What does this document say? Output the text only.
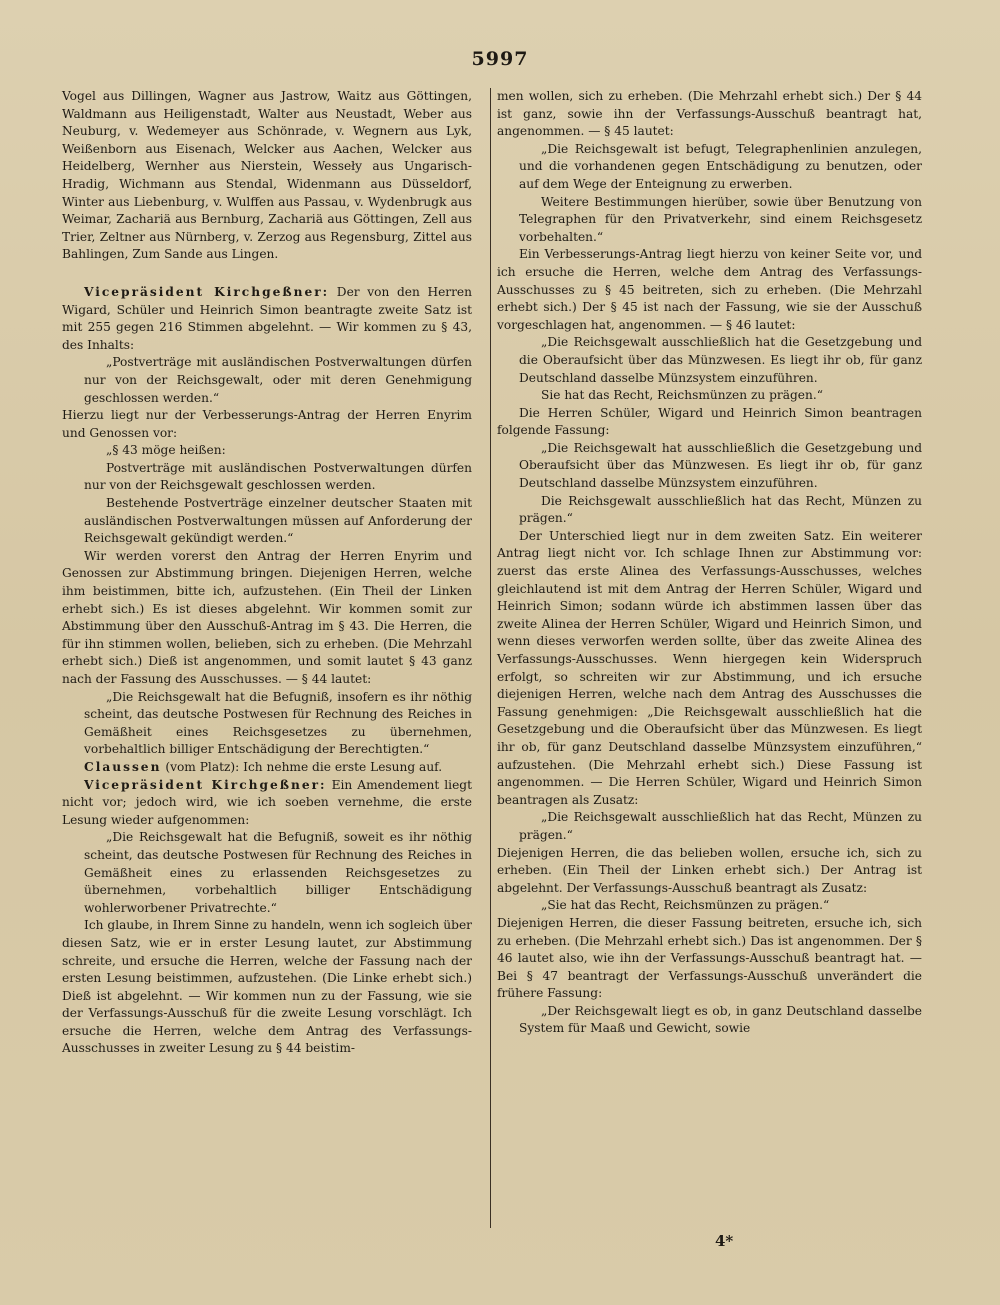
5997

Vogel aus Dillingen, Wagner aus Jastrow, Waitz aus Göttingen, Waldmann aus Heiligenstadt, Walter aus Neustadt, Weber aus Neuburg, v. Wedemeyer aus Schönrade, v. Wegnern aus Lyk, Weißenborn aus Eisenach, Welcker aus Aachen, Welcker aus Heidelberg, Wernher aus Nierstein, Wesseły aus Ungarisch-Hradig, Wichmann aus Stendal, Widenmann aus Düsseldorf, Winter aus Liebenburg, v. Wulffen aus Passau, v. Wydenbrugk aus Weimar, Zachariä aus Bernburg, Zachariä aus Göttingen, Zell aus Trier, Zeltner aus Nürnberg, v. Zerzog aus Regensburg, Zittel aus Bahlingen, Zum Sande aus Lingen.

Vicepräsident Kirchgeßner: Der von den Herren Wigard, Schüler und Heinrich Simon beantragte zweite Satz ist mit 255 gegen 216 Stimmen abgelehnt. — Wir kommen zu § 43, des Inhalts:

„Postverträge mit ausländischen Postverwaltungen dürfen nur von der Reichsgewalt, oder mit deren Genehmigung geschlossen werden.“

Hierzu liegt nur der Verbesserungs-Antrag der Herren Enyrim und Genossen vor:

„§ 43 möge heißen:

Postverträge mit ausländischen Postverwaltungen dürfen nur von der Reichsgewalt geschlossen werden.

Bestehende Postverträge einzelner deutscher Staaten mit ausländischen Postverwaltungen müssen auf Anforderung der Reichsgewalt gekündigt werden.“

Wir werden vorerst den Antrag der Herren Enyrim und Genossen zur Abstimmung bringen. Diejenigen Herren, welche ihm beistimmen, bitte ich, aufzustehen. (Ein Theil der Linken erhebt sich.) Es ist dieses abgelehnt. Wir kommen somit zur Abstimmung über den Ausschuß-Antrag im § 43. Die Herren, die für ihn stimmen wollen, belieben, sich zu erheben. (Die Mehrzahl erhebt sich.) Dieß ist angenommen, und somit lautet § 43 ganz nach der Fassung des Ausschusses. — § 44 lautet:

„Die Reichsgewalt hat die Befugniß, insofern es ihr nöthig scheint, das deutsche Postwesen für Rechnung des Reiches in Gemäßheit eines Reichsgesetzes zu übernehmen, vorbehaltlich billiger Entschädigung der Berechtigten.“

Claussen (vom Platz): Ich nehme die erste Lesung auf.

Vicepräsident Kirchgeßner: Ein Amendement liegt nicht vor; jedoch wird, wie ich soeben vernehme, die erste Lesung wieder aufgenommen:

„Die Reichsgewalt hat die Befugniß, soweit es ihr nöthig scheint, das deutsche Postwesen für Rechnung des Reiches in Gemäßheit eines zu erlassenden Reichsgesetzes zu übernehmen, vorbehaltlich billiger Entschädigung wohlerworbener Privatrechte.“

Ich glaube, in Ihrem Sinne zu handeln, wenn ich sogleich über diesen Satz, wie er in erster Lesung lautet, zur Abstimmung schreite, und ersuche die Herren, welche der Fassung nach der ersten Lesung beistimmen, aufzustehen. (Die Linke erhebt sich.) Dieß ist abgelehnt. — Wir kommen nun zu der Fassung, wie sie der Verfassungs-Ausschuß für die zweite Lesung vorschlägt. Ich ersuche die Herren, welche dem Antrag des Verfassungs-Ausschusses in zweiter Lesung zu § 44 beistim-

men wollen, sich zu erheben. (Die Mehrzahl erhebt sich.) Der § 44 ist ganz, sowie ihn der Verfassungs-Ausschuß beantragt hat, angenommen. — § 45 lautet:

„Die Reichsgewalt ist befugt, Telegraphenlinien anzulegen, und die vorhandenen gegen Entschädigung zu benutzen, oder auf dem Wege der Enteignung zu erwerben.

Weitere Bestimmungen hierüber, sowie über Benutzung von Telegraphen für den Privatverkehr, sind einem Reichsgesetz vorbehalten.“

Ein Verbesserungs-Antrag liegt hierzu von keiner Seite vor, und ich ersuche die Herren, welche dem Antrag des Verfassungs-Ausschusses zu § 45 beitreten, sich zu erheben. (Die Mehrzahl erhebt sich.) Der § 45 ist nach der Fassung, wie sie der Ausschuß vorgeschlagen hat, angenommen. — § 46 lautet:

„Die Reichsgewalt ausschließlich hat die Gesetzgebung und die Oberaufsicht über das Münzwesen. Es liegt ihr ob, für ganz Deutschland dasselbe Münzsystem einzuführen.

Sie hat das Recht, Reichsmünzen zu prägen.“

Die Herren Schüler, Wigard und Heinrich Simon beantragen folgende Fassung:

„Die Reichsgewalt hat ausschließlich die Gesetzgebung und Oberaufsicht über das Münzwesen. Es liegt ihr ob, für ganz Deutschland dasselbe Münzsystem einzuführen.

Die Reichsgewalt ausschließlich hat das Recht, Münzen zu prägen.“

Der Unterschied liegt nur in dem zweiten Satz. Ein weiterer Antrag liegt nicht vor. Ich schlage Ihnen zur Abstimmung vor: zuerst das erste Alinea des Verfassungs-Ausschusses, welches gleichlautend ist mit dem Antrag der Herren Schüler, Wigard und Heinrich Simon; sodann würde ich abstimmen lassen über das zweite Alinea der Herren Schüler, Wigard und Heinrich Simon, und wenn dieses verworfen werden sollte, über das zweite Alinea des Verfassungs-Ausschusses. Wenn hiergegen kein Widerspruch erfolgt, so schreiten wir zur Abstimmung, und ich ersuche diejenigen Herren, welche nach dem Antrag des Ausschusses die Fassung genehmigen: „Die Reichsgewalt ausschließlich hat die Gesetzgebung und die Oberaufsicht über das Münzwesen. Es liegt ihr ob, für ganz Deutschland dasselbe Münzsystem einzuführen,“ aufzustehen. (Die Mehrzahl erhebt sich.) Diese Fassung ist angenommen. — Die Herren Schüler, Wigard und Heinrich Simon beantragen als Zusatz:

„Die Reichsgewalt ausschließlich hat das Recht, Münzen zu prägen.“

Diejenigen Herren, die das belieben wollen, ersuche ich, sich zu erheben. (Ein Theil der Linken erhebt sich.) Der Antrag ist abgelehnt. Der Verfassungs-Ausschuß beantragt als Zusatz:

„Sie hat das Recht, Reichsmünzen zu prägen.“

Diejenigen Herren, die dieser Fassung beitreten, ersuche ich, sich zu erheben. (Die Mehrzahl erhebt sich.) Das ist angenommen. Der § 46 lautet also, wie ihn der Verfassungs-Ausschuß beantragt hat. — Bei § 47 beantragt der Verfassungs-Ausschuß unverändert die frühere Fassung:

„Der Reichsgewalt liegt es ob, in ganz Deutschland dasselbe System für Maaß und Gewicht, sowie

4*
